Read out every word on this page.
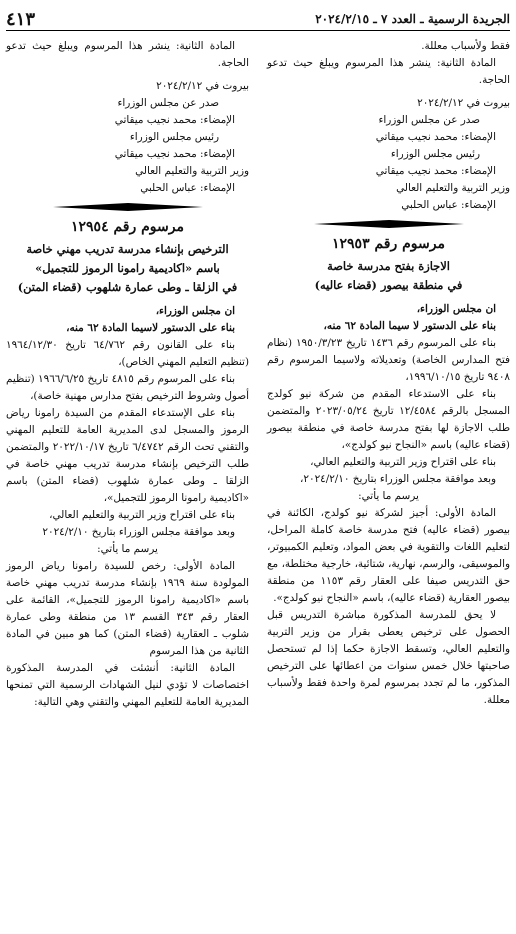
الجريدة الرسمية ـ العدد ٧ ـ ٢٠٢٤/٢/١٥
٤١٣

فقط ولأسباب معللة.

المادة الثانية: ينشر هذا المرسوم ويبلغ حيث تدعو الحاجة.

بيروت في ٢٠٢٤/٢/١٢

صدر عن مجلس الوزراء

الإمضاء: محمد نجيب ميقاتي

رئيس مجلس الوزراء

الإمضاء: محمد نجيب ميقاتي

وزير التربية والتعليم العالي

الإمضاء: عباس الحلبي

مرسوم رقم ١٢٩٥٣
الاجازة بفتح مدرسة خاصة
في منطقة بيصور (قضاء عاليه)

ان مجلس الوزراء،

بناء على الدستور لا سيما المادة ٦٢ منه،

بناء على المرسوم رقم ١٤٣٦ تاريخ ١٩٥٠/٣/٢٣ (نظام فتح المدارس الخاصة) وتعديلاته ولاسيما المرسوم رقم ٩٤٠٨ تاريخ ١٩٩٦/١٠/١٥،

بناء على الاستدعاء المقدم من شركة نيو كولدج المسجل بالرقم ١٢/٤٥٨٤ تاريخ ٢٠٢٣/٠٥/٢٤ والمتضمن طلب الاجازة لها بفتح مدرسة خاصة في منطقة بيصور (قضاء عاليه) باسم «النجاح نيو كولدج»،

بناء على اقتراح وزير التربية والتعليم العالي،

وبعد موافقة مجلس الوزراء بتاريخ ٢٠٢٤/٢/١٠،

يرسم ما يأتي:

المادة الأولى: أجيز لشركة نيو كولدج، الكائنة في بيصور (قضاء عاليه) فتح مدرسة خاصة كاملة المراحل، لتعليم اللغات والتقوية في بعض المواد، وتعليم الكمبيوتر، والموسيقى، والرسم، نهارية، شتائية، خارجية مختلطة، مع حق التدريس صيفا على العقار رقم ١١٥٣ من منطقة بيصور العقارية (قضاء عاليه)، باسم «النجاح نيو كولدج».

لا يحق للمدرسة المذكورة مباشرة التدريس قبل الحصول على ترخيص يعطى بقرار من وزير التربية والتعليم العالي، وتسقط الاجازة حكما إذا لم تستحصل صاحبتها خلال خمس سنوات من اعطائها على الترخيص المذكور، ما لم تجدد بمرسوم لمرة واحدة فقط ولأسباب معللة.

المادة الثانية: ينشر هذا المرسوم ويبلغ حيث تدعو الحاجة.

بيروت في ٢٠٢٤/٢/١٢

صدر عن مجلس الوزراء

الإمضاء: محمد نجيب ميقاتي

رئيس مجلس الوزراء

الإمضاء: محمد نجيب ميقاتي

وزير التربية والتعليم العالي

الإمضاء: عباس الحلبي

مرسوم رقم ١٢٩٥٤
الترخيص بإنشاء مدرسة تدريب مهني خاصة
باسم «اكاديمية رامونا الرموز للتجميل»
في الزلقا ـ وطى عمارة شلهوب (قضاء المتن)

ان مجلس الوزراء،

بناء على الدستور لاسيما المادة ٦٢ منه،

بناء على القانون رقم ٦٤/٧٦٢ تاريخ ١٩٦٤/١٢/٣٠ (تنظيم التعليم المهني الخاص)،

بناء على المرسوم رقم ٤٨١٥ تاريخ ١٩٦٦/٦/٢٥ (تنظيم أصول وشروط الترخيص بفتح مدارس مهنية خاصة)،

بناء على الإستدعاء المقدم من السيدة رامونا رياض الرموز والمسجل لدى المديرية العامة للتعليم المهني والتقني تحت الرقم ٦/٤٧٤٢ تاريخ ٢٠٢٢/١٠/١٧ والمتضمن طلب الترخيص بإنشاء مدرسة تدريب مهني خاصة في الزلقا ـ وطى عمارة شلهوب (قضاء المتن) باسم «اكاديمية رامونا الرموز للتجميل»،

بناء على اقتراح وزير التربية والتعليم العالي،

وبعد موافقة مجلس الوزراء بتاريخ ٢٠٢٤/٢/١٠

يرسم ما يأتي:

المادة الأولى: رخص للسيدة رامونا رياض الرموز المولودة سنة ١٩٦٩ بإنشاء مدرسة تدريب مهني خاصة باسم «اكاديمية رامونا الرموز للتجميل»، القائمة على العقار رقم ٣٤٣ القسم ١٣ من منطقة وطى عمارة شلوب ـ العقارية (قضاء المتن) كما هو مبين في المادة الثانية من هذا المرسوم

المادة الثانية: أنشئت في المدرسة المذكورة اختصاصات لا تؤدي لنيل الشهادات الرسمية التي تمنحها المديرية العامة للتعليم المهني والتقني وهي التالية:
